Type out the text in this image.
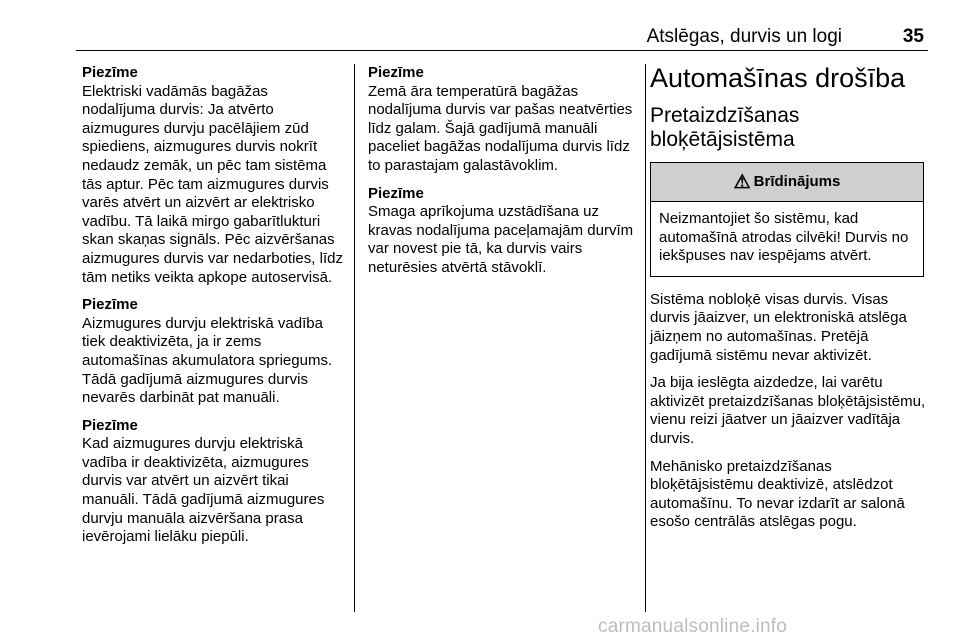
Atslēgas, durvis un logi	35
Piezīme
Elektriski vadāmās bagāžas nodalījuma durvis: Ja atvērto aizmugures durvju pacēlājiem zūd spiediens, aizmugures durvis nokrīt nedaudz zemāk, un pēc tam sistēma tās aptur. Pēc tam aizmugures durvis varēs atvērt un aizvērt ar elektrisko vadību. Tā laikā mirgo gabarītlukturi skan skaņas signāls. Pēc aizvēršanas aizmugures durvis var nedarboties, līdz tām netiks veikta apkope autoservisā.
Piezīme
Aizmugures durvju elektriskā vadība tiek deaktivizēta, ja ir zems automašīnas akumulatora spriegums. Tādā gadījumā aizmugures durvis nevarēs darbināt pat manuāli.
Piezīme
Kad aizmugures durvju elektriskā vadība ir deaktivizēta, aizmugures durvis var atvērt un aizvērt tikai manuāli. Tādā gadījumā aizmugures durvju manuāla aizvēršana prasa ievērojami lielāku piepūli.
Piezīme
Zemā āra temperatūrā bagāžas nodalījuma durvis var pašas neatvērties līdz galam. Šajā gadījumā manuāli paceliet bagāžas nodalījuma durvis līdz to parastajam galastāvoklim.
Piezīme
Smaga aprīkojuma uzstādīšana uz kravas nodalījuma paceļamajām durvīm var novest pie tā, ka durvis vairs neturēsies atvērtā stāvoklī.
Automašīnas drošība
Pretaizdzīšanas bloķētājsistēma
⚠ Brīdinājums
Neizmantojiet šo sistēmu, kad automašīnā atrodas cilvēki! Durvis no iekšpuses nav iespējams atvērt.
Sistēma nobloķē visas durvis. Visas durvis jāaizver, un elektroniskā atslēga jāizņem no automašīnas. Pretējā gadījumā sistēmu nevar aktivizēt.
Ja bija ieslēgta aizdedze, lai varētu aktivizēt pretaizdzīšanas bloķētājsistēmu, vienu reizi jāatver un jāaizver vadītāja durvis.
Mehānisko pretaizdzīšanas bloķētājsistēmu deaktivizē, atslēdzot automašīnu. To nevar izdarīt ar salonā esošo centrālās atslēgas pogu.
carmanualsonline.info
